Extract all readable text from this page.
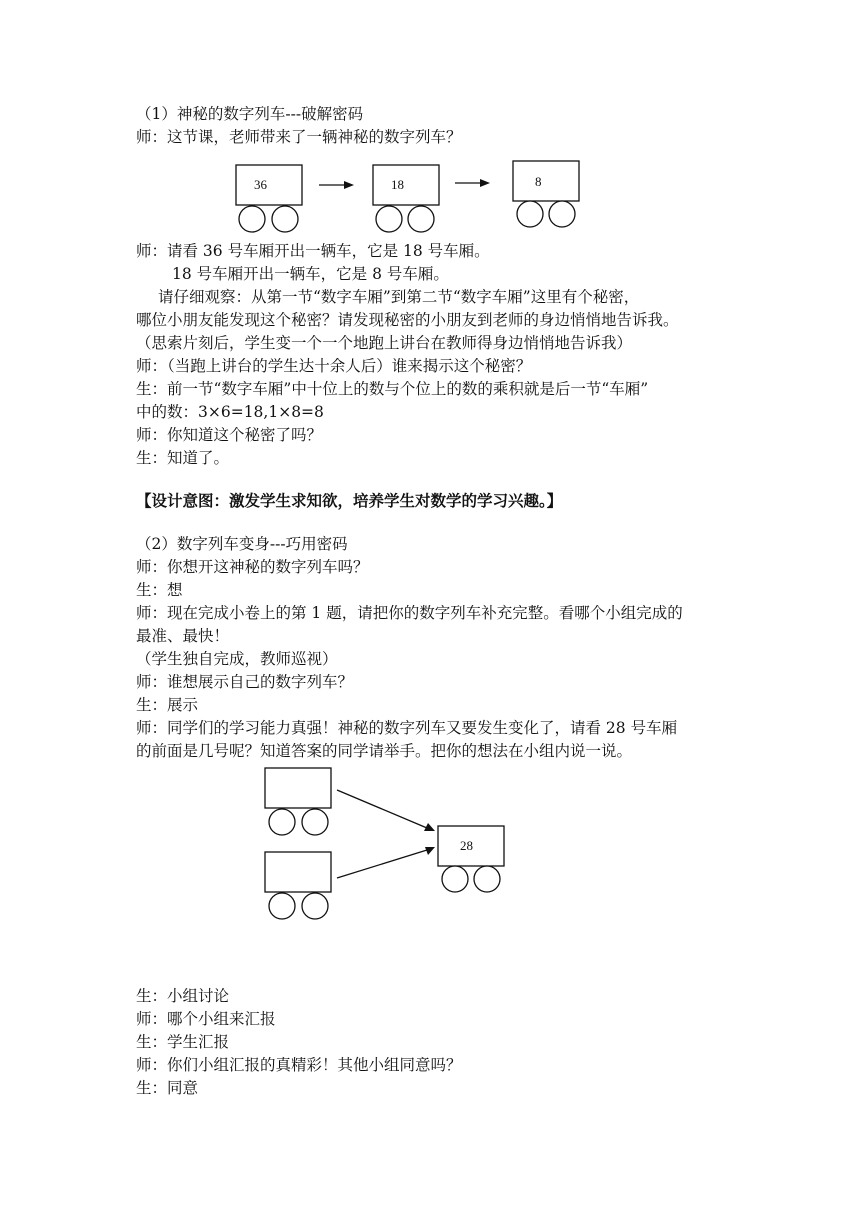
（1）神秘的数字列车---破解密码
师：这节课，老师带来了一辆神秘的数字列车？
36	18	8
28
师：请看 36 号车厢开出一辆车，它是 18 号车厢。
18 号车厢开出一辆车，它是 8 号车厢。
请仔细观察：从第一节“数字车厢”到第二节“数字车厢”这里有个秘密，
哪位小朋友能发现这个秘密？请发现秘密的小朋友到老师的身边悄悄地告诉我。
（思索片刻后，学生变一个一个地跑上讲台在教师得身边悄悄地告诉我）
师：（当跑上讲台的学生达十余人后）谁来揭示这个秘密？
生：前一节“数字车厢”中十位上的数与个位上的数的乘积就是后一节“车厢”
中的数：3×6=18,1×8=8
师：你知道这个秘密了吗？
生：知道了。
【设计意图：激发学生求知欲，培养学生对数学的学习兴趣。】
（2）数字列车变身---巧用密码
师：你想开这神秘的数字列车吗？
生：想
师：现在完成小卷上的第 1 题，请把你的数字列车补充完整。看哪个小组完成的
最准、最快！
（学生独自完成，教师巡视）
师：谁想展示自己的数字列车？
生：展示
师：同学们的学习能力真强！神秘的数字列车又要发生变化了，请看 28 号车厢
的前面是几号呢？知道答案的同学请举手。把你的想法在小组内说一说。
生：小组讨论
师：哪个小组来汇报
生：学生汇报
师：你们小组汇报的真精彩！其他小组同意吗？
生：同意
